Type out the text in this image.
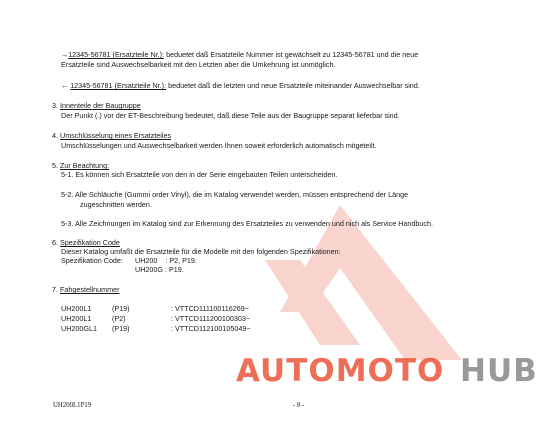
AUTOMOTO HUB
→12345-56781 (Ersatzteile Nr.): beduetet daß Ersatzteile Nummer ist gewächselt zu 12345-56781 und die neue
Ersatzteile sind Auswechselbarkeit mit den Letzten aber die Umkehrung ist unmöglich.
← 12345-56781 (Ersatzteile Nr.): beduetet daß die letzten und neue Ersatzteile miteinander Auswechselbar sind.
3. Innenteile der Baugruppe
Der Punkt (.) vor der ET-Beschreibung bedeutet, daß diese Teile aus der Baugruppe separat lieferbar sind.
4. Umschlüsselung eines Ersatzteiles
Umschlüsselungen und Auswechselbarkeit werden Ihnen soweit erforderlich automatisch mitgeteilt.
5. Zur Beachtung:
5-1. Es können sich Ersatzteile von den in der Serie eingebauten Teilen unterscheiden.
5-2. Alle Schläuche (Gummi order Vinyl), die im Katalog verwendet werden, müssen entsprechend der Länge
zugeschnitten werden.
5-3. Alle Zeichnungen im Katalog sind zur Erkennung des Ersatzteiles zu verwenden und nich als Service Handbuch.
6. Spezifikation Code
Dieser Katalog umfaßt die Ersatzteile für die Modelle mit den folgenden Spezifikationen:
Spezifikation Code: UH200    : P2, P19.
UH200G : P19.
7. Fahgestellnummer
UH200L1	(P19)	: VTTCD111100116269~
UH200L1	(P2)	: VTTCD111200100303~
UH200GL1 (P19)	: VTTCD112100105049~
UH200L1P19	- 8 -
